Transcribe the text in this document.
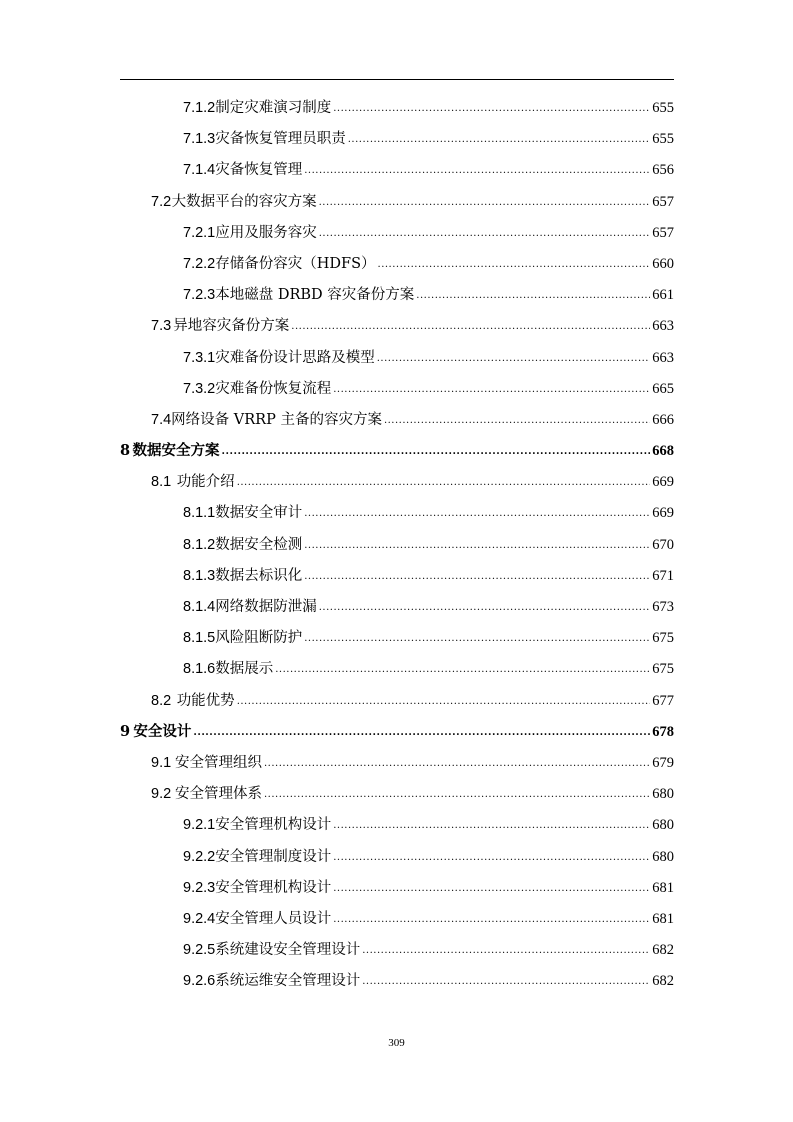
7.1.2 制定灾难演习制度 .....	655
7.1.3 灾备恢复管理员职责 .....	655
7.1.4 灾备恢复管理 .....	656
7.2 大数据平台的容灾方案 .....	657
7.2.1 应用及服务容灾 .....	657
7.2.2 存储备份容灾（HDFS） .....	660
7.2.3 本地磁盘 DRBD 容灾备份方案 .....	661
7.3 异地容灾备份方案 .....	663
7.3.1 灾难备份设计思路及模型 .....	663
7.3.2 灾难备份恢复流程 .....	665
7.4 网络设备 VRRP 主备的容灾方案 .....	666
8 数据安全方案 .....	668
8.1 功能介绍 .....	669
8.1.1 数据安全审计 .....	669
8.1.2 数据安全检测 .....	670
8.1.3 数据去标识化 .....	671
8.1.4 网络数据防泄漏 .....	673
8.1.5 风险阻断防护 .....	675
8.1.6 数据展示 .....	675
8.2 功能优势 .....	677
9 安全设计 .....	678
9.1 安全管理组织 .....	679
9.2 安全管理体系 .....	680
9.2.1 安全管理机构设计 .....	680
9.2.2 安全管理制度设计 .....	680
9.2.3 安全管理机构设计 .....	681
9.2.4 安全管理人员设计 .....	681
9.2.5 系统建设安全管理设计 .....	682
9.2.6 系统运维安全管理设计 .....	682
309
